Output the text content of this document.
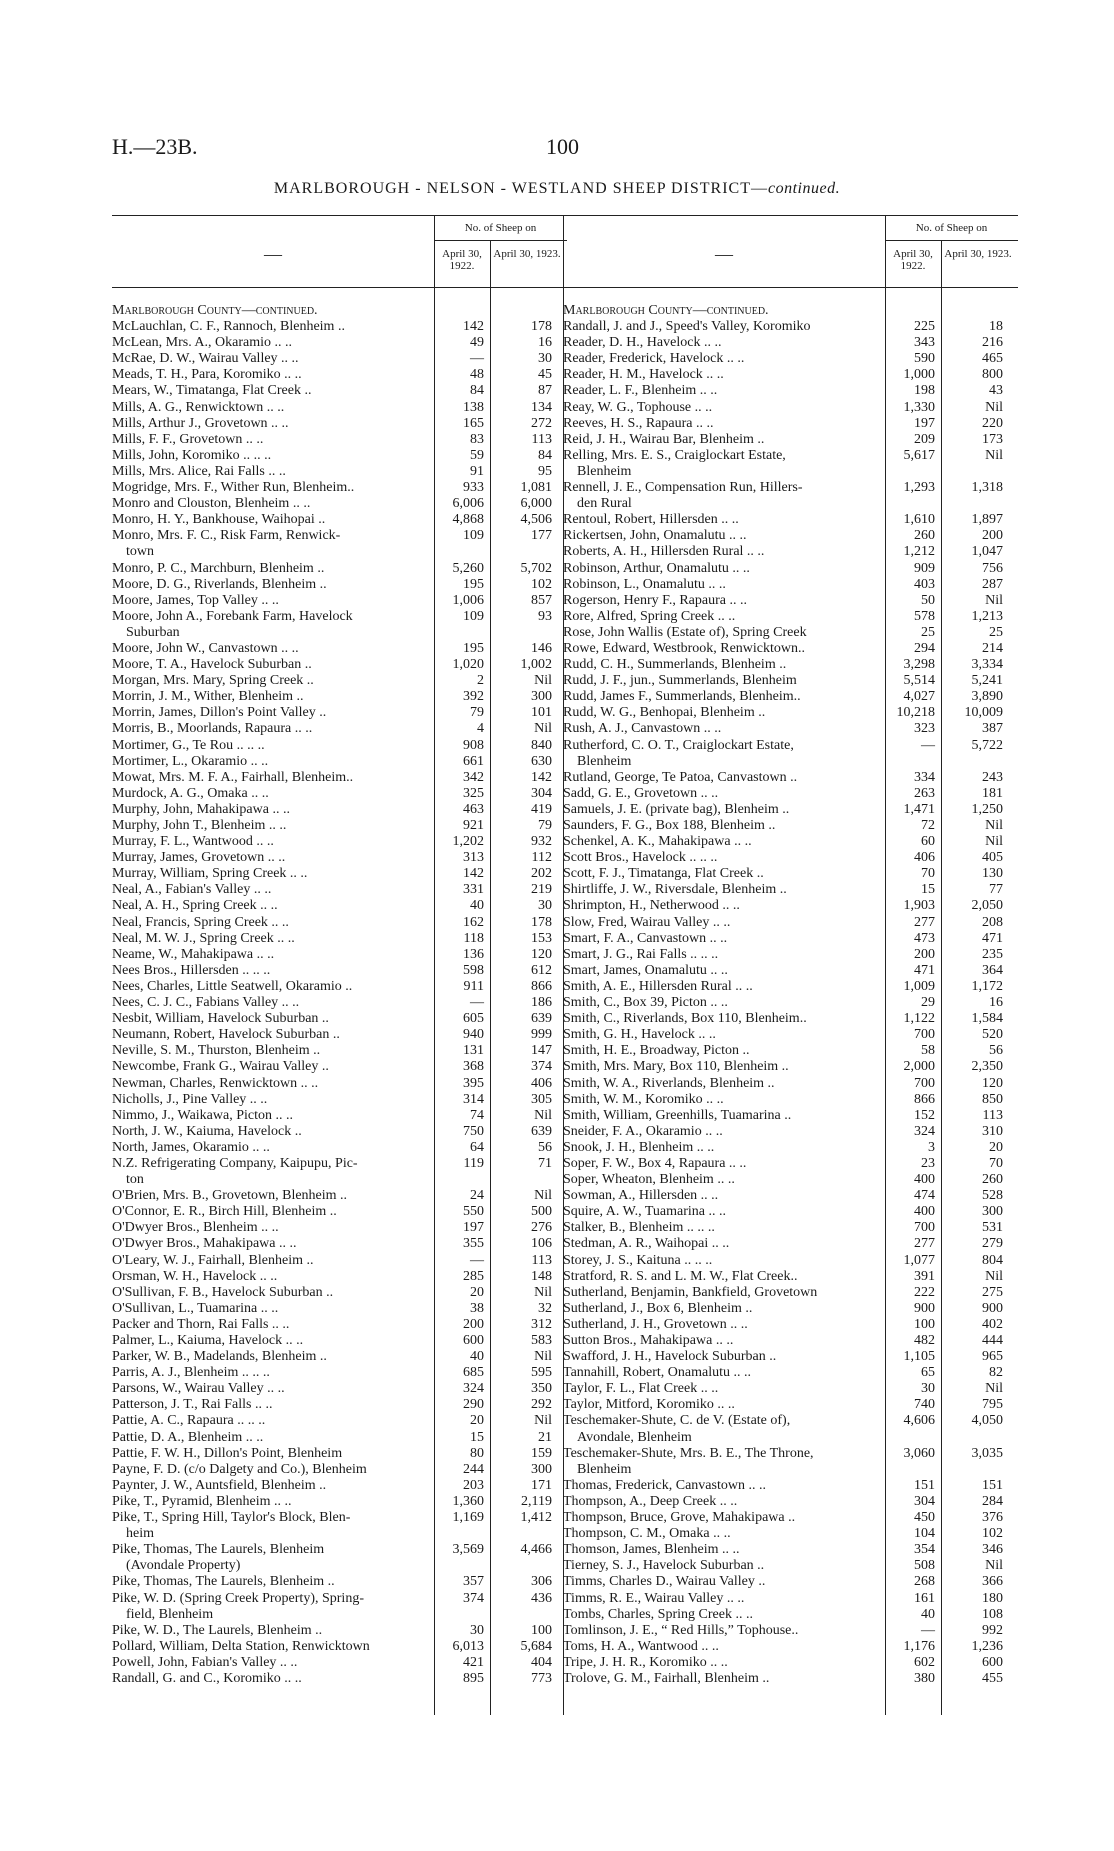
H.—23B.	100
MARLBOROUGH - NELSON - WESTLAND SHEEP DISTRICT—continued.
—
No. of Sheep on
April 30, 1922.
April 30, 1923.
Marlborough County—continued.
McLauchlan, C. F., Rannoch, Blenheim ..	142	178
McLean, Mrs. A., Okaramio .. ..	49	16
McRae, D. W., Wairau Valley .. ..	—	30
Meads, T. H., Para, Koromiko .. ..	48	45
Mears, W., Timatanga, Flat Creek ..	84	87
Mills, A. G., Renwicktown .. ..	138	134
Mills, Arthur J., Grovetown .. ..	165	272
Mills, F. F., Grovetown .. ..	83	113
Mills, John, Koromiko .. .. ..	59	84
Mills, Mrs. Alice, Rai Falls .. ..	91	95
Mogridge, Mrs. F., Wither Run, Blenheim..	933	1,081
Monro and Clouston, Blenheim .. ..	6,006	6,000
Monro, H. Y., Bankhouse, Waihopai ..	4,868	4,506
Monro, Mrs. F. C., Risk Farm, Renwick-	109	177
town
Monro, P. C., Marchburn, Blenheim ..	5,260	5,702
Moore, D. G., Riverlands, Blenheim ..	195	102
Moore, James, Top Valley .. ..	1,006	857
Moore, John A., Forebank Farm, Havelock	109	93
Suburban
Moore, John W., Canvastown .. ..	195	146
Moore, T. A., Havelock Suburban ..	1,020	1,002
Morgan, Mrs. Mary, Spring Creek ..	2	Nil
Morrin, J. M., Wither, Blenheim ..	392	300
Morrin, James, Dillon's Point Valley ..	79	101
Morris, B., Moorlands, Rapaura .. ..	4	Nil
Mortimer, G., Te Rou .. .. ..	908	840
Mortimer, L., Okaramio .. ..	661	630
Mowat, Mrs. M. F. A., Fairhall, Blenheim..	342	142
Murdock, A. G., Omaka .. ..	325	304
Murphy, John, Mahakipawa .. ..	463	419
Murphy, John T., Blenheim .. ..	921	79
Murray, F. L., Wantwood .. ..	1,202	932
Murray, James, Grovetown .. ..	313	112
Murray, William, Spring Creek .. ..	142	202
Neal, A., Fabian's Valley .. ..	331	219
Neal, A. H., Spring Creek .. ..	40	30
Neal, Francis, Spring Creek .. ..	162	178
Neal, M. W. J., Spring Creek .. ..	118	153
Neame, W., Mahakipawa .. ..	136	120
Nees Bros., Hillersden .. .. ..	598	612
Nees, Charles, Little Seatwell, Okaramio ..	911	866
Nees, C. J. C., Fabians Valley .. ..	—	186
Nesbit, William, Havelock Suburban ..	605	639
Neumann, Robert, Havelock Suburban ..	940	999
Neville, S. M., Thurston, Blenheim ..	131	147
Newcombe, Frank G., Wairau Valley ..	368	374
Newman, Charles, Renwicktown .. ..	395	406
Nicholls, J., Pine Valley .. ..	314	305
Nimmo, J., Waikawa, Picton .. ..	74	Nil
North, J. W., Kaiuma, Havelock ..	750	639
North, James, Okaramio .. ..	64	56
N.Z. Refrigerating Company, Kaipupu, Pic-	119	71
ton
O'Brien, Mrs. B., Grovetown, Blenheim ..	24	Nil
O'Connor, E. R., Birch Hill, Blenheim ..	550	500
O'Dwyer Bros., Blenheim .. ..	197	276
O'Dwyer Bros., Mahakipawa .. ..	355	106
O'Leary, W. J., Fairhall, Blenheim ..	—	113
Orsman, W. H., Havelock .. ..	285	148
O'Sullivan, F. B., Havelock Suburban ..	20	Nil
O'Sullivan, L., Tuamarina .. ..	38	32
Packer and Thorn, Rai Falls .. ..	200	312
Palmer, L., Kaiuma, Havelock .. ..	600	583
Parker, W. B., Madelands, Blenheim ..	40	Nil
Parris, A. J., Blenheim .. .. ..	685	595
Parsons, W., Wairau Valley .. ..	324	350
Patterson, J. T., Rai Falls .. ..	290	292
Pattie, A. C., Rapaura .. .. ..	20	Nil
Pattie, D. A., Blenheim .. ..	15	21
Pattie, F. W. H., Dillon's Point, Blenheim	80	159
Payne, F. D. (c/o Dalgety and Co.), Blenheim	244	300
Paynter, J. W., Auntsfield, Blenheim ..	203	171
Pike, T., Pyramid, Blenheim .. ..	1,360	2,119
Pike, T., Spring Hill, Taylor's Block, Blen-	1,169	1,412
heim
Pike, Thomas, The Laurels, Blenheim	3,569	4,466
(Avondale Property)
Pike, Thomas, The Laurels, Blenheim ..	357	306
Pike, W. D. (Spring Creek Property), Spring-	374	436
field, Blenheim
Pike, W. D., The Laurels, Blenheim ..	30	100
Pollard, William, Delta Station, Renwicktown	6,013	5,684
Powell, John, Fabian's Valley .. ..	421	404
Randall, G. and C., Koromiko .. ..	895	773
—
No. of Sheep on
April 30, 1922.
April 30, 1923.
Marlborough County—continued.
Randall, J. and J., Speed's Valley, Koromiko	225	18
Reader, D. H., Havelock .. ..	343	216
Reader, Frederick, Havelock .. ..	590	465
Reader, H. M., Havelock .. ..	1,000	800
Reader, L. F., Blenheim .. ..	198	43
Reay, W. G., Tophouse .. ..	1,330	Nil
Reeves, H. S., Rapaura .. ..	197	220
Reid, J. H., Wairau Bar, Blenheim ..	209	173
Relling, Mrs. E. S., Craiglockart Estate,	5,617	Nil
Blenheim
Rennell, J. E., Compensation Run, Hillers-	1,293	1,318
den Rural
Rentoul, Robert, Hillersden .. ..	1,610	1,897
Rickertsen, John, Onamalutu .. ..	260	200
Roberts, A. H., Hillersden Rural .. ..	1,212	1,047
Robinson, Arthur, Onamalutu .. ..	909	756
Robinson, L., Onamalutu .. ..	403	287
Rogerson, Henry F., Rapaura .. ..	50	Nil
Rore, Alfred, Spring Creek .. ..	578	1,213
Rose, John Wallis (Estate of), Spring Creek	25	25
Rowe, Edward, Westbrook, Renwicktown..	294	214
Rudd, C. H., Summerlands, Blenheim ..	3,298	3,334
Rudd, J. F., jun., Summerlands, Blenheim	5,514	5,241
Rudd, James F., Summerlands, Blenheim..	4,027	3,890
Rudd, W. G., Benhopai, Blenheim ..	10,218	10,009
Rush, A. J., Canvastown .. ..	323	387
Rutherford, C. O. T., Craiglockart Estate,	—	5,722
Blenheim
Rutland, George, Te Patoa, Canvastown ..	334	243
Sadd, G. E., Grovetown .. ..	263	181
Samuels, J. E. (private bag), Blenheim ..	1,471	1,250
Saunders, F. G., Box 188, Blenheim ..	72	Nil
Schenkel, A. K., Mahakipawa .. ..	60	Nil
Scott Bros., Havelock .. .. ..	406	405
Scott, F. J., Timatanga, Flat Creek ..	70	130
Shirtliffe, J. W., Riversdale, Blenheim ..	15	77
Shrimpton, H., Netherwood .. ..	1,903	2,050
Slow, Fred, Wairau Valley .. ..	277	208
Smart, F. A., Canvastown .. ..	473	471
Smart, J. G., Rai Falls .. .. ..	200	235
Smart, James, Onamalutu .. ..	471	364
Smith, A. E., Hillersden Rural .. ..	1,009	1,172
Smith, C., Box 39, Picton .. ..	29	16
Smith, C., Riverlands, Box 110, Blenheim..	1,122	1,584
Smith, G. H., Havelock .. ..	700	520
Smith, H. E., Broadway, Picton ..	58	56
Smith, Mrs. Mary, Box 110, Blenheim ..	2,000	2,350
Smith, W. A., Riverlands, Blenheim ..	700	120
Smith, W. M., Koromiko .. ..	866	850
Smith, William, Greenhills, Tuamarina ..	152	113
Sneider, F. A., Okaramio .. ..	324	310
Snook, J. H., Blenheim .. ..	3	20
Soper, F. W., Box 4, Rapaura .. ..	23	70
Soper, Wheaton, Blenheim .. ..	400	260
Sowman, A., Hillersden .. ..	474	528
Squire, A. W., Tuamarina .. ..	400	300
Stalker, B., Blenheim .. .. ..	700	531
Stedman, A. R., Waihopai .. ..	277	279
Storey, J. S., Kaituna .. .. ..	1,077	804
Stratford, R. S. and L. M. W., Flat Creek..	391	Nil
Sutherland, Benjamin, Bankfield, Grovetown	222	275
Sutherland, J., Box 6, Blenheim ..	900	900
Sutherland, J. H., Grovetown .. ..	100	402
Sutton Bros., Mahakipawa .. ..	482	444
Swafford, J. H., Havelock Suburban ..	1,105	965
Tannahill, Robert, Onamalutu .. ..	65	82
Taylor, F. L., Flat Creek .. ..	30	Nil
Taylor, Mitford, Koromiko .. ..	740	795
Teschemaker-Shute, C. de V. (Estate of),	4,606	4,050
Avondale, Blenheim
Teschemaker-Shute, Mrs. B. E., The Throne,	3,060	3,035
Blenheim
Thomas, Frederick, Canvastown .. ..	151	151
Thompson, A., Deep Creek .. ..	304	284
Thompson, Bruce, Grove, Mahakipawa ..	450	376
Thompson, C. M., Omaka .. ..	104	102
Thomson, James, Blenheim .. ..	354	346
Tierney, S. J., Havelock Suburban ..	508	Nil
Timms, Charles D., Wairau Valley ..	268	366
Timms, R. E., Wairau Valley .. ..	161	180
Tombs, Charles, Spring Creek .. ..	40	108
Tomlinson, J. E., “ Red Hills,” Tophouse..	—	992
Toms, H. A., Wantwood .. ..	1,176	1,236
Tripe, J. H. R., Koromiko .. ..	602	600
Trolove, G. M., Fairhall, Blenheim ..	380	455
